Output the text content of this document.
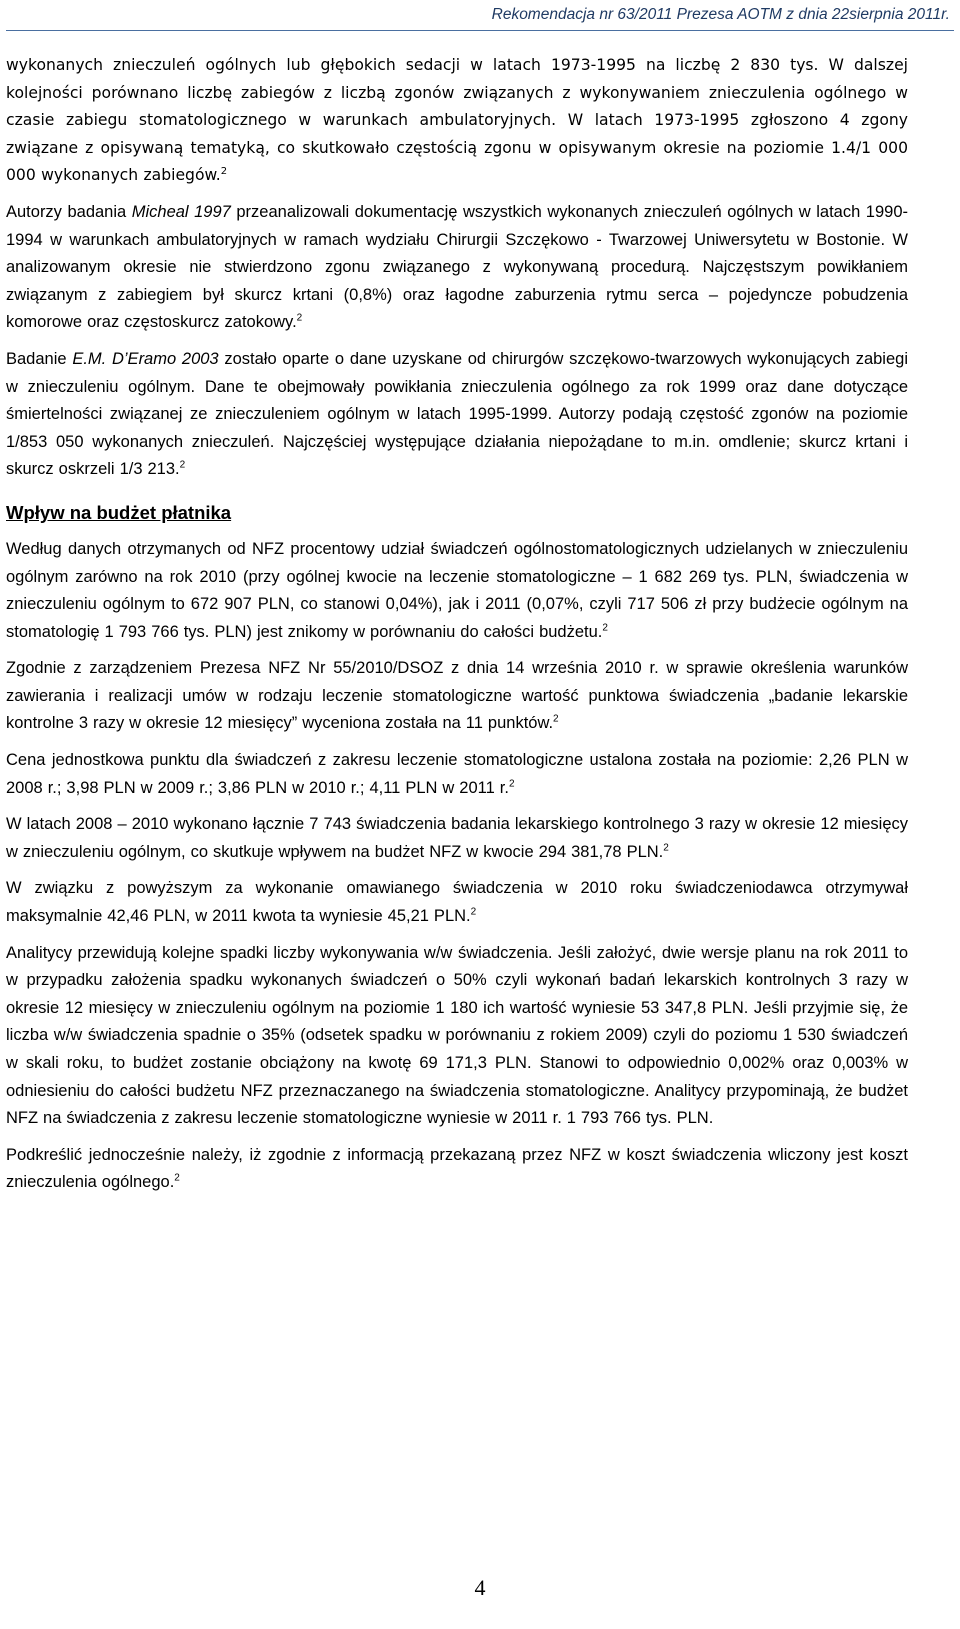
Rekomendacja nr 63/2011 Prezesa AOTM z dnia 22sierpnia 2011r.

wykonanych znieczuleń ogólnych lub głębokich sedacji w latach 1973-1995 na liczbę 2 830 tys. W dalszej kolejności porównano liczbę zabiegów z liczbą zgonów związanych z wykonywaniem znieczulenia ogólnego w czasie zabiegu stomatologicznego w warunkach ambulatoryjnych. W latach 1973-1995 zgłoszono 4 zgony związane z opisywaną tematyką, co skutkowało częstością zgonu w opisywanym okresie na poziomie 1.4/1 000 000 wykonanych zabiegów.$^2$

Autorzy badania Micheal 1997 przeanalizowali dokumentację wszystkich wykonanych znieczuleń ogólnych w latach 1990-1994 w warunkach ambulatoryjnych w ramach wydziału Chirurgii Szczękowo - Twarzowej Uniwersytetu w Bostonie. W analizowanym okresie nie stwierdzono zgonu związanego z wykonywaną procedurą. Najczęstszym powikłaniem związanym z zabiegiem był skurcz krtani (0,8%) oraz łagodne zaburzenia rytmu serca – pojedyncze pobudzenia komorowe oraz częstoskurcz zatokowy.$^2$

Badanie E.M. D’Eramo 2003 zostało oparte o dane uzyskane od chirurgów szczękowo-twarzowych wykonujących zabiegi w znieczuleniu ogólnym. Dane te obejmowały powikłania znieczulenia ogólnego za rok 1999 oraz dane dotyczące śmiertelności związanej ze znieczuleniem ogólnym w latach 1995-1999. Autorzy podają częstość zgonów na poziomie 1/853 050 wykonanych znieczuleń. Najczęściej występujące działania niepożądane to m.in. omdlenie; skurcz krtani i skurcz oskrzeli 1/3 213.$^2$

Wpływ na budżet płatnika

Według danych otrzymanych od NFZ procentowy udział świadczeń ogólnostomatologicznych udzielanych w znieczuleniu ogólnym zarówno na rok 2010 (przy ogólnej kwocie na leczenie stomatologiczne – 1 682 269 tys. PLN, świadczenia w znieczuleniu ogólnym to 672 907 PLN, co stanowi 0,04%), jak i 2011 (0,07%, czyli 717 506 zł przy budżecie ogólnym na stomatologię 1 793 766 tys. PLN) jest znikomy w porównaniu do całości budżetu.$^2$

Zgodnie z zarządzeniem Prezesa NFZ Nr 55/2010/DSOZ z dnia 14 września 2010 r. w sprawie określenia warunków zawierania i realizacji umów w rodzaju leczenie stomatologiczne wartość punktowa świadczenia „badanie lekarskie kontrolne 3 razy w okresie 12 miesięcy” wyceniona została na 11 punktów.$^2$

Cena jednostkowa punktu dla świadczeń z zakresu leczenie stomatologiczne ustalona została na poziomie: 2,26 PLN w 2008 r.; 3,98 PLN w 2009 r.; 3,86 PLN w 2010 r.; 4,11 PLN w 2011 r.$^2$

W latach 2008 – 2010 wykonano łącznie 7 743 świadczenia badania lekarskiego kontrolnego 3 razy w okresie 12 miesięcy w znieczuleniu ogólnym, co skutkuje wpływem na budżet NFZ w kwocie 294 381,78 PLN.$^2$

W związku z powyższym za wykonanie omawianego świadczenia w 2010 roku świadczeniodawca otrzymywał maksymalnie 42,46 PLN, w 2011 kwota ta wyniesie 45,21 PLN.$^2$

Analitycy przewidują kolejne spadki liczby wykonywania w/w świadczenia. Jeśli założyć, dwie wersje planu na rok 2011 to w przypadku założenia spadku wykonanych świadczeń o 50% czyli wykonań badań lekarskich kontrolnych 3 razy w okresie 12 miesięcy w znieczuleniu ogólnym na poziomie 1 180 ich wartość wyniesie 53 347,8 PLN. Jeśli przyjmie się, że liczba w/w świadczenia spadnie o 35% (odsetek spadku w porównaniu z rokiem 2009) czyli do poziomu 1 530 świadczeń w skali roku, to budżet zostanie obciążony na kwotę 69 171,3 PLN. Stanowi to odpowiednio 0,002% oraz 0,003% w odniesieniu do całości budżetu NFZ przeznaczanego na świadczenia stomatologiczne. Analitycy przypominają, że budżet NFZ na świadczenia z zakresu leczenie stomatologiczne wyniesie w 2011 r. 1 793 766 tys. PLN.

Podkreślić jednocześnie należy, iż zgodnie z informacją przekazaną przez NFZ w koszt świadczenia wliczony jest koszt znieczulenia ogólnego.$^2$

4
